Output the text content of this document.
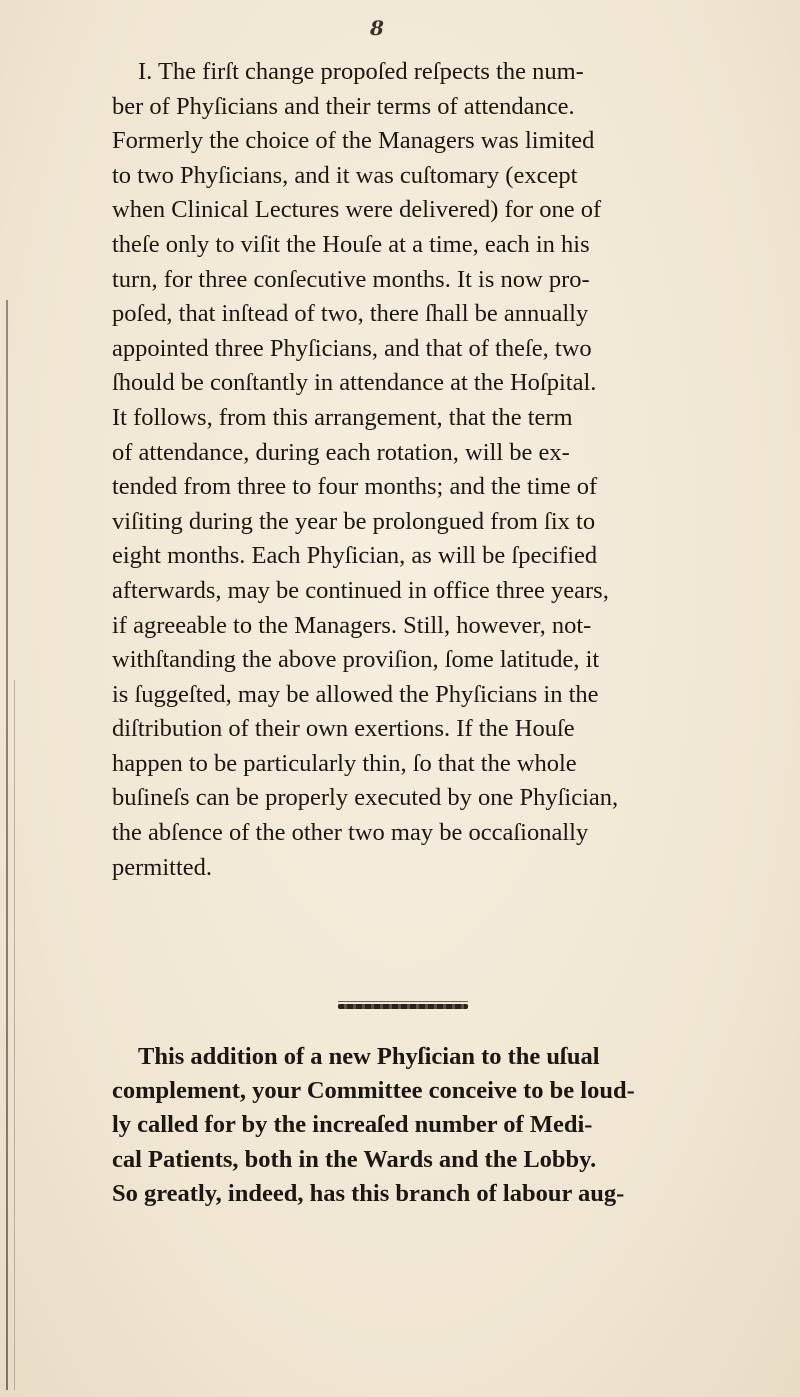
8
I. The firſt change propoſed reſpects the num-
ber of Phyſicians and their terms of attendance.
Formerly the choice of the Managers was limited
to two Phyſicians, and it was cuſtomary (except
when Clinical Lectures were delivered) for one of
theſe only to viſit the Houſe at a time, each in his
turn, for three conſecutive months. It is now pro-
poſed, that inſtead of two, there ſhall be annually
appointed three Phyſicians, and that of theſe, two
ſhould be conſtantly in attendance at the Hoſpital.
It follows, from this arrangement, that the term
of attendance, during each rotation, will be ex-
tended from three to four months; and the time of
viſiting during the year be prolongued from ſix to
eight months. Each Phyſician, as will be ſpecified
afterwards, may be continued in office three years,
if agreeable to the Managers. Still, however, not-
withſtanding the above proviſion, ſome latitude, it
is ſuggeſted, may be allowed the Phyſicians in the
diſtribution of their own exertions. If the Houſe
happen to be particularly thin, ſo that the whole
buſineſs can be properly executed by one Phyſician,
the abſence of the other two may be occaſionally
permitted.
This addition of a new Phyſician to the uſual
complement, your Committee conceive to be loud-
ly called for by the increaſed number of Medi-
cal Patients, both in the Wards and the Lobby.
So greatly, indeed, has this branch of labour aug-
